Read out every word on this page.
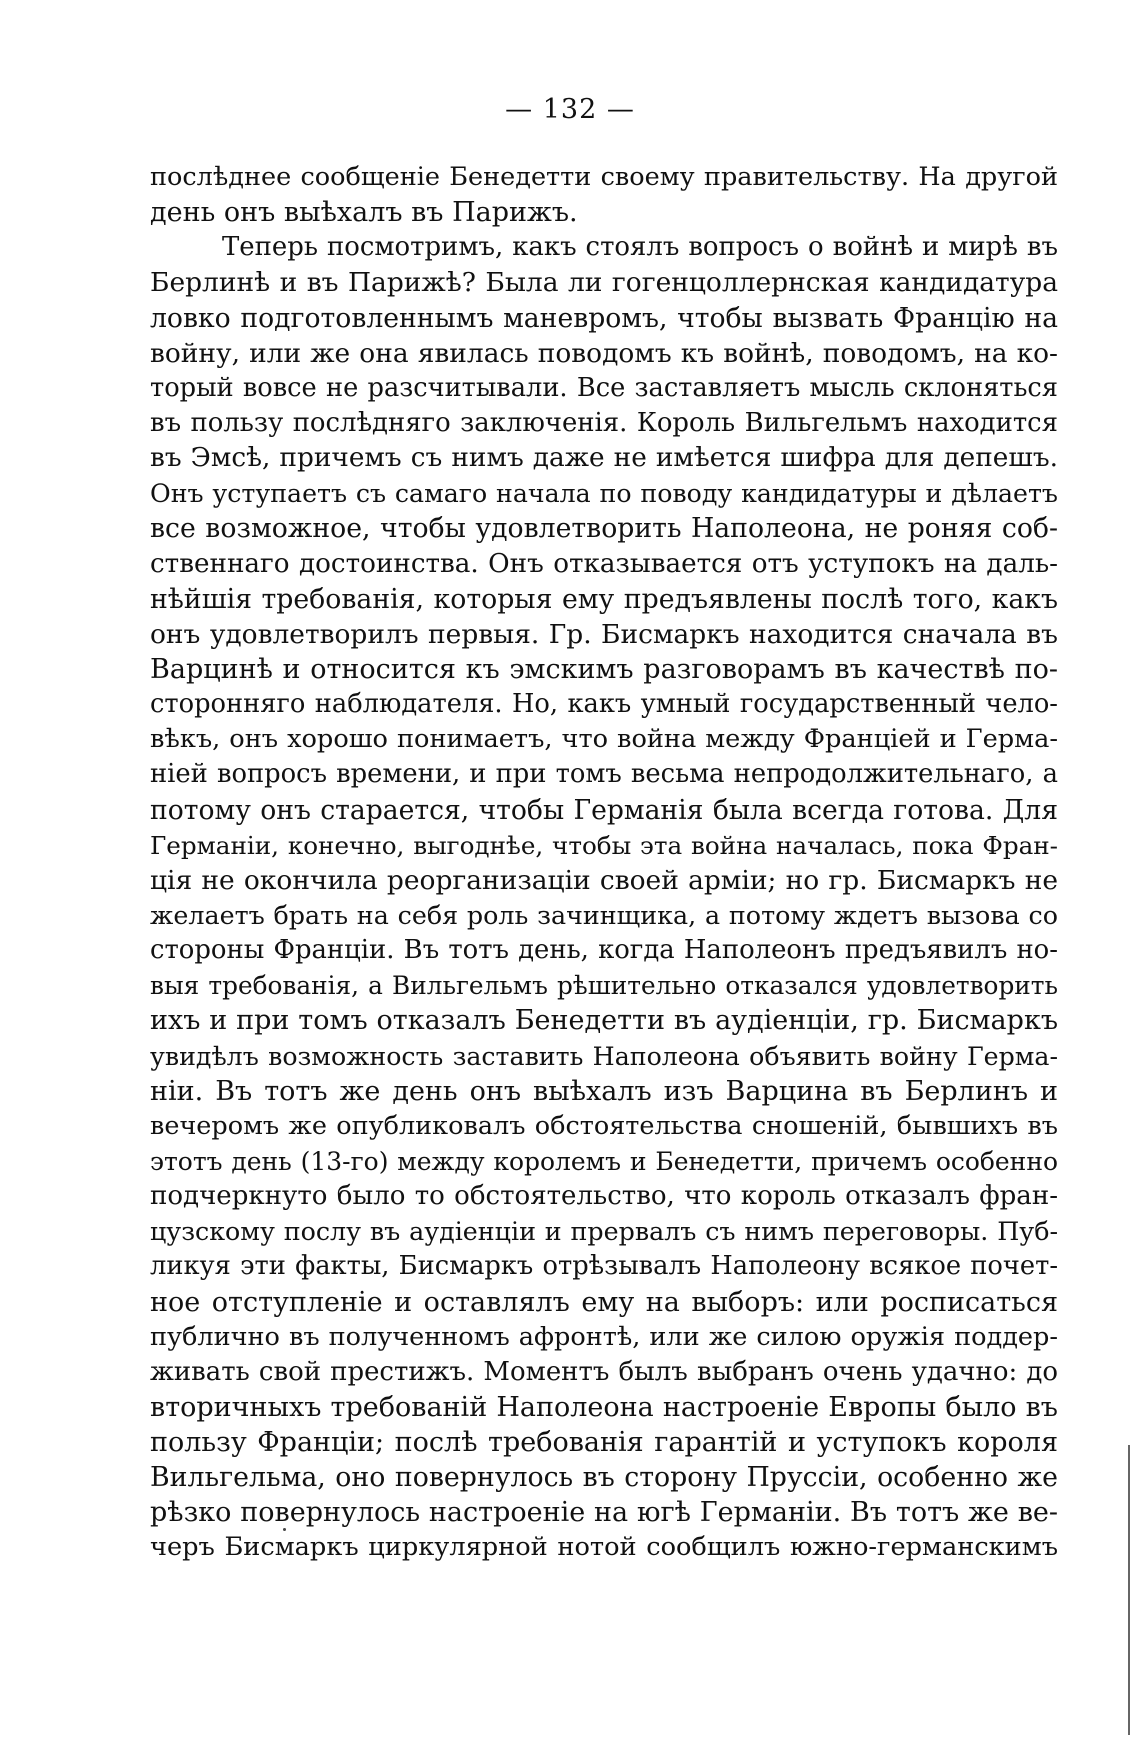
— 132 —
послѣднее сообщеніе Бенедетти своему правительству. На другой
день онъ выѣхалъ въ Парижъ.
Теперь посмотримъ, какъ стоялъ вопросъ о войнѣ и мирѣ въ
Берлинѣ и въ Парижѣ? Была ли гогенцоллернская кандидатура
ловко подготовленнымъ маневромъ, чтобы вызвать Францію на
войну, или же она явилась поводомъ къ войнѣ, поводомъ, на ко-
торый вовсе не разсчитывали. Все заставляетъ мысль склоняться
въ пользу послѣдняго заключенія. Король Вильгельмъ находится
въ Эмсѣ, причемъ съ нимъ даже не имѣется шифра для депешъ.
Онъ уступаетъ съ самаго начала по поводу кандидатуры и дѣлаетъ
все возможное, чтобы удовлетворить Наполеона, не роняя соб-
ственнаго достоинства. Онъ отказывается отъ уступокъ на даль-
нѣйшія требованія, которыя ему предъявлены послѣ того, какъ
онъ удовлетворилъ первыя. Гр. Бисмаркъ находится сначала въ
Варцинѣ и относится къ эмскимъ разговорамъ въ качествѣ по-
сторонняго наблюдателя. Но, какъ умный государственный чело-
вѣкъ, онъ хорошо понимаетъ, что война между Франціей и Герма-
ніей вопросъ времени, и при томъ весьма непродолжительнаго, а
потому онъ старается, чтобы Германія была всегда готова. Для
Германіи, конечно, выгоднѣе, чтобы эта война началась, пока Фран-
ція не окончила реорганизаціи своей арміи; но гр. Бисмаркъ не
желаетъ брать на себя роль зачинщика, а потому ждетъ вызова со
стороны Франціи. Въ тотъ день, когда Наполеонъ предъявилъ но-
выя требованія, а Вильгельмъ рѣшительно отказался удовлетворить
ихъ и при томъ отказалъ Бенедетти въ аудіенціи, гр. Бисмаркъ
увидѣлъ возможность заставить Наполеона объявить войну Герма-
ніи. Въ тотъ же день онъ выѣхалъ изъ Варцина въ Берлинъ и
вечеромъ же опубликовалъ обстоятельства сношеній, бывшихъ въ
этотъ день (13-го) между королемъ и Бенедетти, причемъ особенно
подчеркнуто было то обстоятельство, что король отказалъ фран-
цузскому послу въ аудіенціи и прервалъ съ нимъ переговоры. Пуб-
ликуя эти факты, Бисмаркъ отрѣзывалъ Наполеону всякое почет-
ное отступленіе и оставлялъ ему на выборъ: или росписаться
публично въ полученномъ афронтѣ, или же силою оружія поддер-
живать свой престижъ. Моментъ былъ выбранъ очень удачно: до
вторичныхъ требованій Наполеона настроеніе Европы было въ
пользу Франціи; послѣ требованія гарантій и уступокъ короля
Вильгельма, оно повернулось въ сторону Пруссіи, особенно же
рѣзко повернулось настроеніе на югѣ Германіи. Въ тотъ же ве-
черъ Бисмаркъ циркулярной нотой сообщилъ южно-германскимъ
